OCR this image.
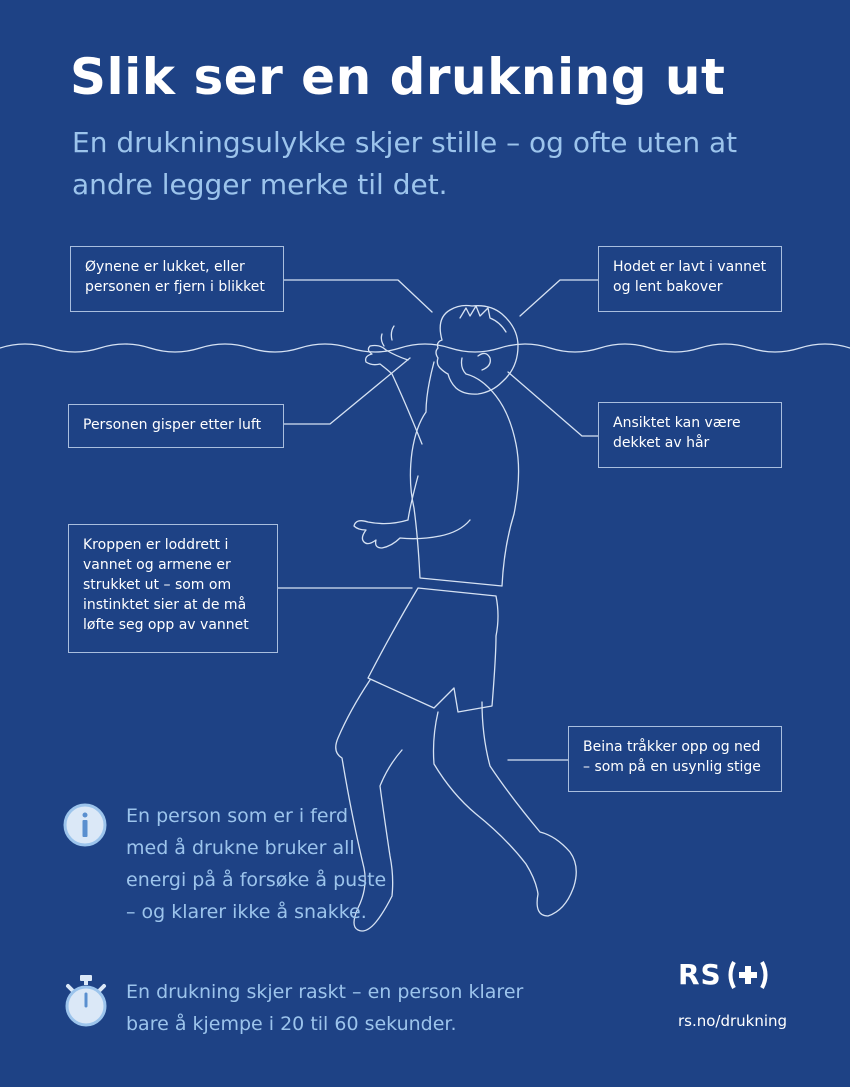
Slik ser en drukning ut

En drukningsulykke skjer stille – og ofte uten at andre legger merke til det.

Øynene er lukket, eller personen er fjern i blikket
Hodet er lavt i vannet og lent bakover
Personen gisper etter luft	Ansiktet kan være dekket av hår
Kroppen er loddrett i vannet og armene er strukket ut – som om instinktet sier at de må løfte seg opp av vannet
Beina tråkker opp og ned – som på en usynlig stige
En person som er i ferd med å drukne bruker all energi på å forsøke å puste – og klarer ikke å snakke.
En drukning skjer raskt – en person klarer bare å kjempe i 20 til 60 sekunder.
RS
rs.no/drukning
